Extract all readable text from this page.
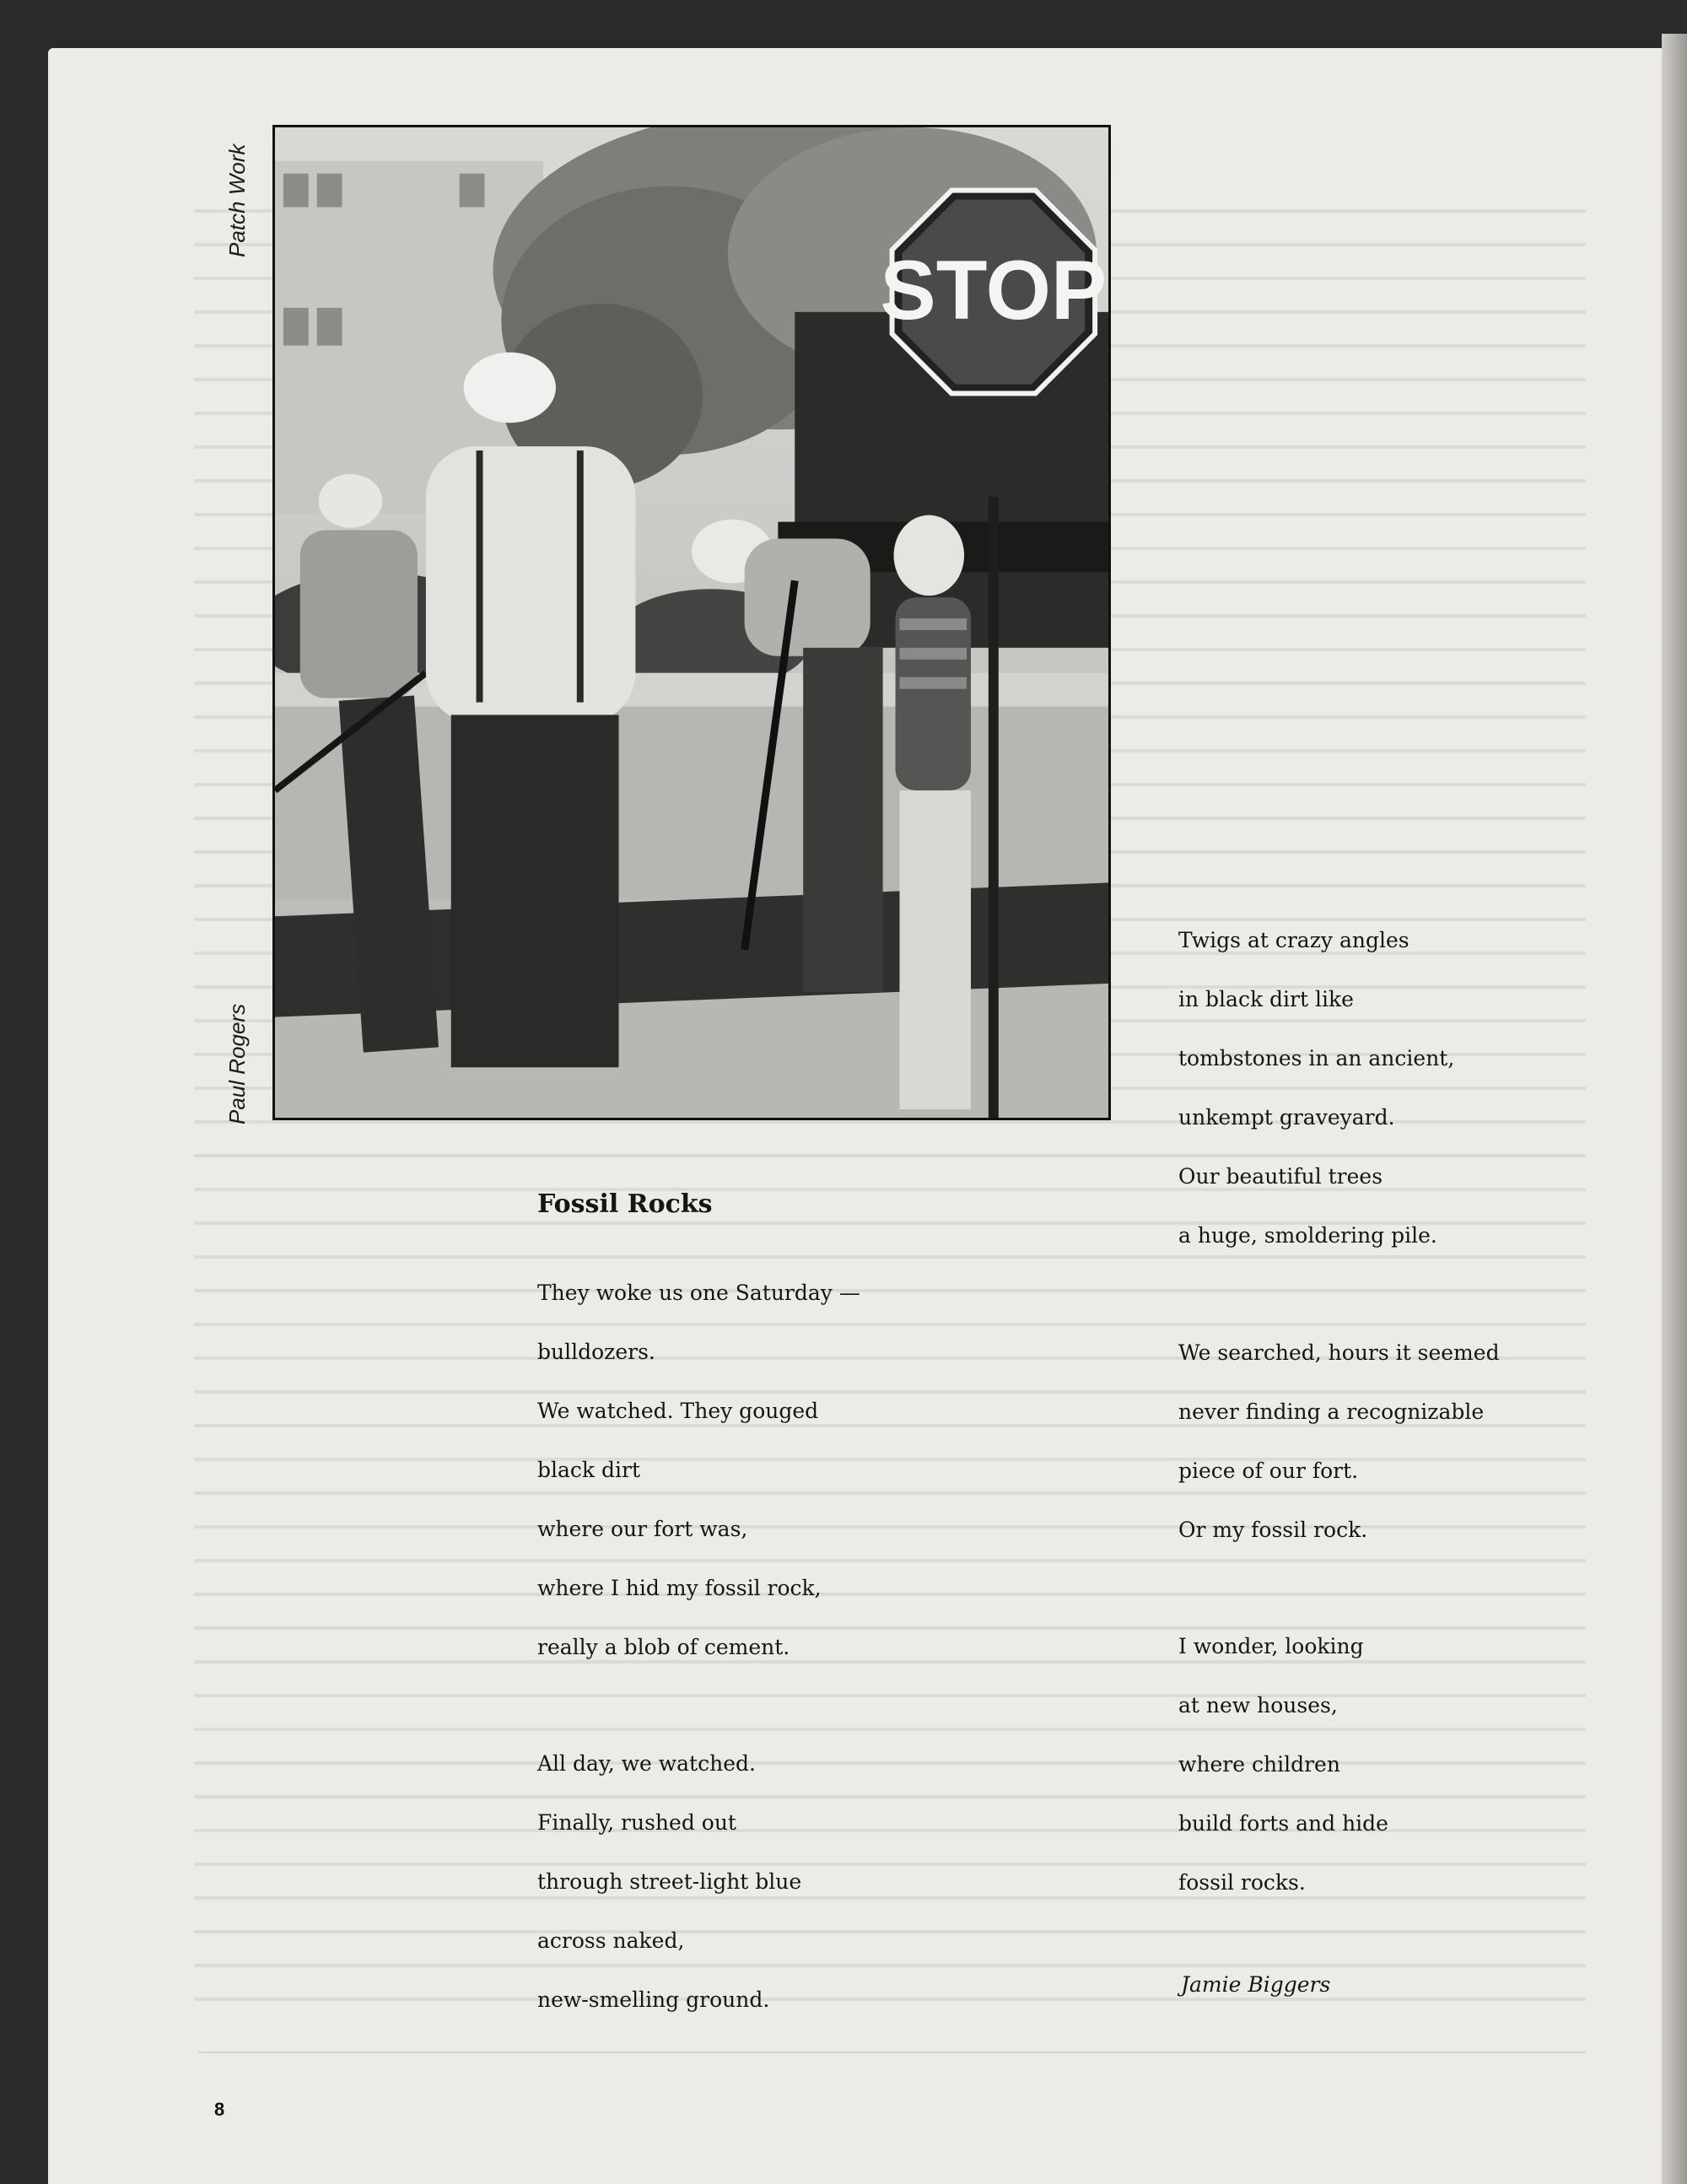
Patch Work
Paul Rogers
STOP
Fossil Rocks
They woke us one Saturday —
bulldozers.
We watched. They gouged
black dirt
where our fort was,
where I hid my fossil rock,
really a blob of cement.
All day, we watched.
Finally, rushed out
through street-light blue
across naked,
new-smelling ground.
Twigs at crazy angles
in black dirt like
tombstones in an ancient,
unkempt graveyard.
Our beautiful trees
a huge, smoldering pile.
We searched, hours it seemed
never finding a recognizable
piece of our fort.
Or my fossil rock.
I wonder, looking
at new houses,
where children
build forts and hide
fossil rocks.
Jamie Biggers
8
